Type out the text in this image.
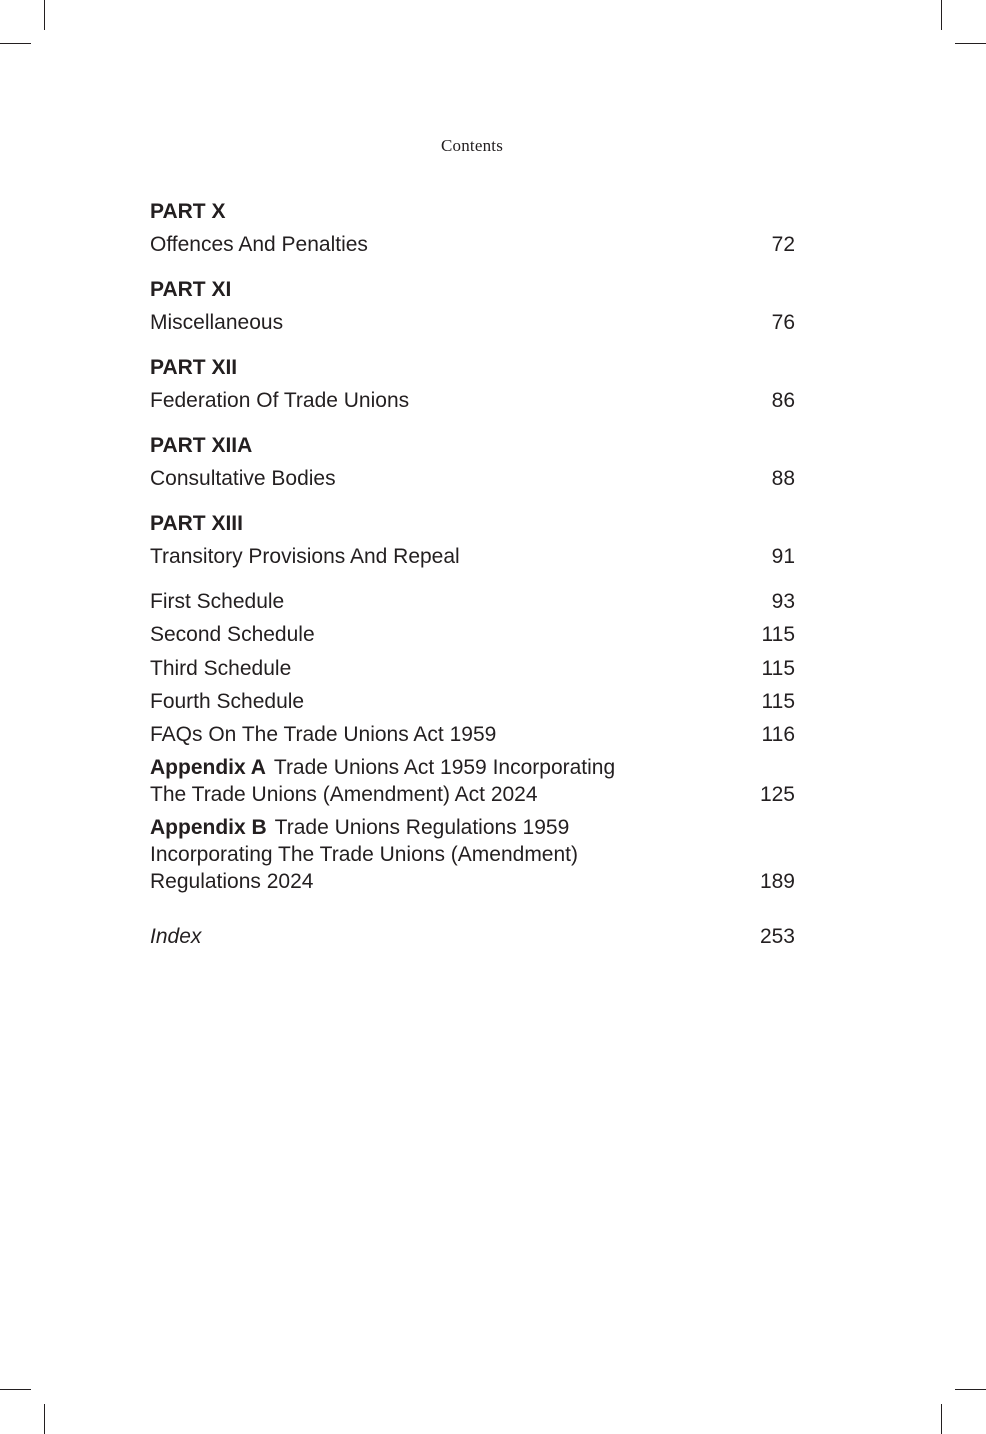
Contents
PART X
Offences And Penalties	72
PART XI
Miscellaneous	76
PART XII
Federation Of Trade Unions	86
PART XIIA
Consultative Bodies	88
PART XIII
Transitory Provisions And Repeal	91
First Schedule	93
Second Schedule	115
Third Schedule	115
Fourth Schedule	115
FAQs On The Trade Unions Act 1959	116
Appendix A Trade Unions Act 1959 Incorporating The Trade Unions (Amendment) Act 2024	125
Appendix B Trade Unions Regulations 1959 Incorporating The Trade Unions (Amendment) Regulations 2024	189
Index	253
